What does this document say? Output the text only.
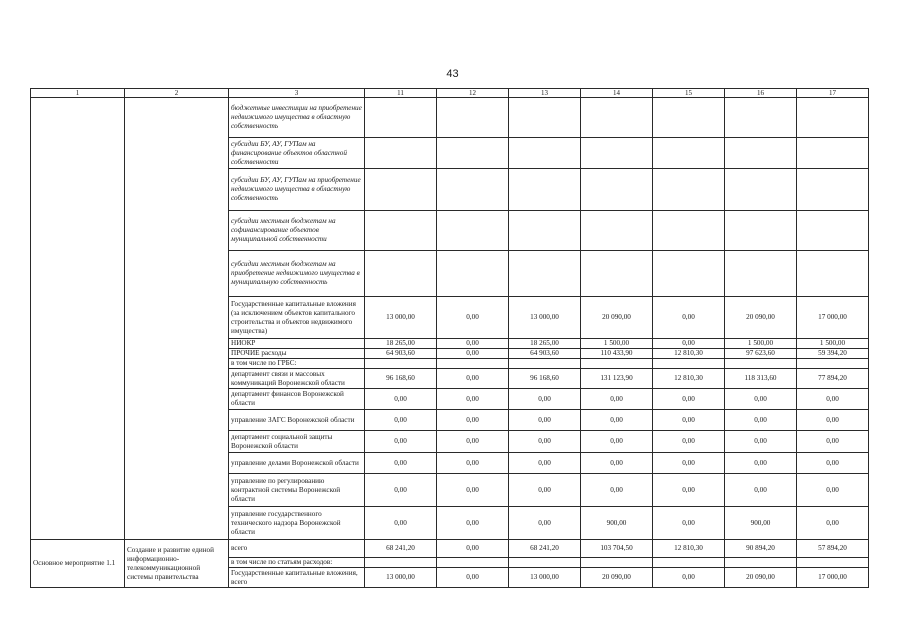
43
1	2	3	11	12	13	14	15	16	17
		бюджетные инвестиции на приобретение недвижимого имущества в областную собственность							
		субсидии БУ, АУ, ГУПам на финансирование объектов областной собственности							
		субсидии БУ, АУ, ГУПам на приобретение недвижимого имущества в областную собственность							
		субсидии местным бюджетам на софинансирование объектов муниципальной собственности							
		субсидии местным бюджетам на приобретение недвижимого имущества в муниципальную собственность							
		Государственные капитальные вложения (за исключением объектов капитального строительства и объектов недвижимого имущества)	13 000,00	0,00	13 000,00	20 090,00	0,00	20 090,00	17 000,00
		НИОКР	18 265,00	0,00	18 265,00	1 500,00	0,00	1 500,00	1 500,00
		ПРОЧИЕ расходы	64 903,60	0,00	64 903,60	110 433,90	12 810,30	97 623,60	59 394,20
		в том числе по ГРБС:							
		департамент связи и массовых коммуникаций Воронежской области	96 168,60	0,00	96 168,60	131 123,90	12 810,30	118 313,60	77 894,20
		департамент финансов Воронежской области	0,00	0,00	0,00	0,00	0,00	0,00	0,00
		управление ЗАГС Воронежской области	0,00	0,00	0,00	0,00	0,00	0,00	0,00
		департамент социальной защиты Воронежской области	0,00	0,00	0,00	0,00	0,00	0,00	0,00
		управление делами Воронежской области	0,00	0,00	0,00	0,00	0,00	0,00	0,00
		управление по регулированию контрактной системы Воронежской области	0,00	0,00	0,00	0,00	0,00	0,00	0,00
		управление государственного технического надзора Воронежской области	0,00	0,00	0,00	900,00	0,00	900,00	0,00
Основное мероприятие 1.1	Создание и развитие единой информационно-телекоммуникационной системы правительства	всего	68 241,20	0,00	68 241,20	103 704,50	12 810,30	90 894,20	57 894,20
		в том числе по статьям расходов:							
		Государственные капитальные вложения, всего	13 000,00	0,00	13 000,00	20 090,00	0,00	20 090,00	17 000,00
